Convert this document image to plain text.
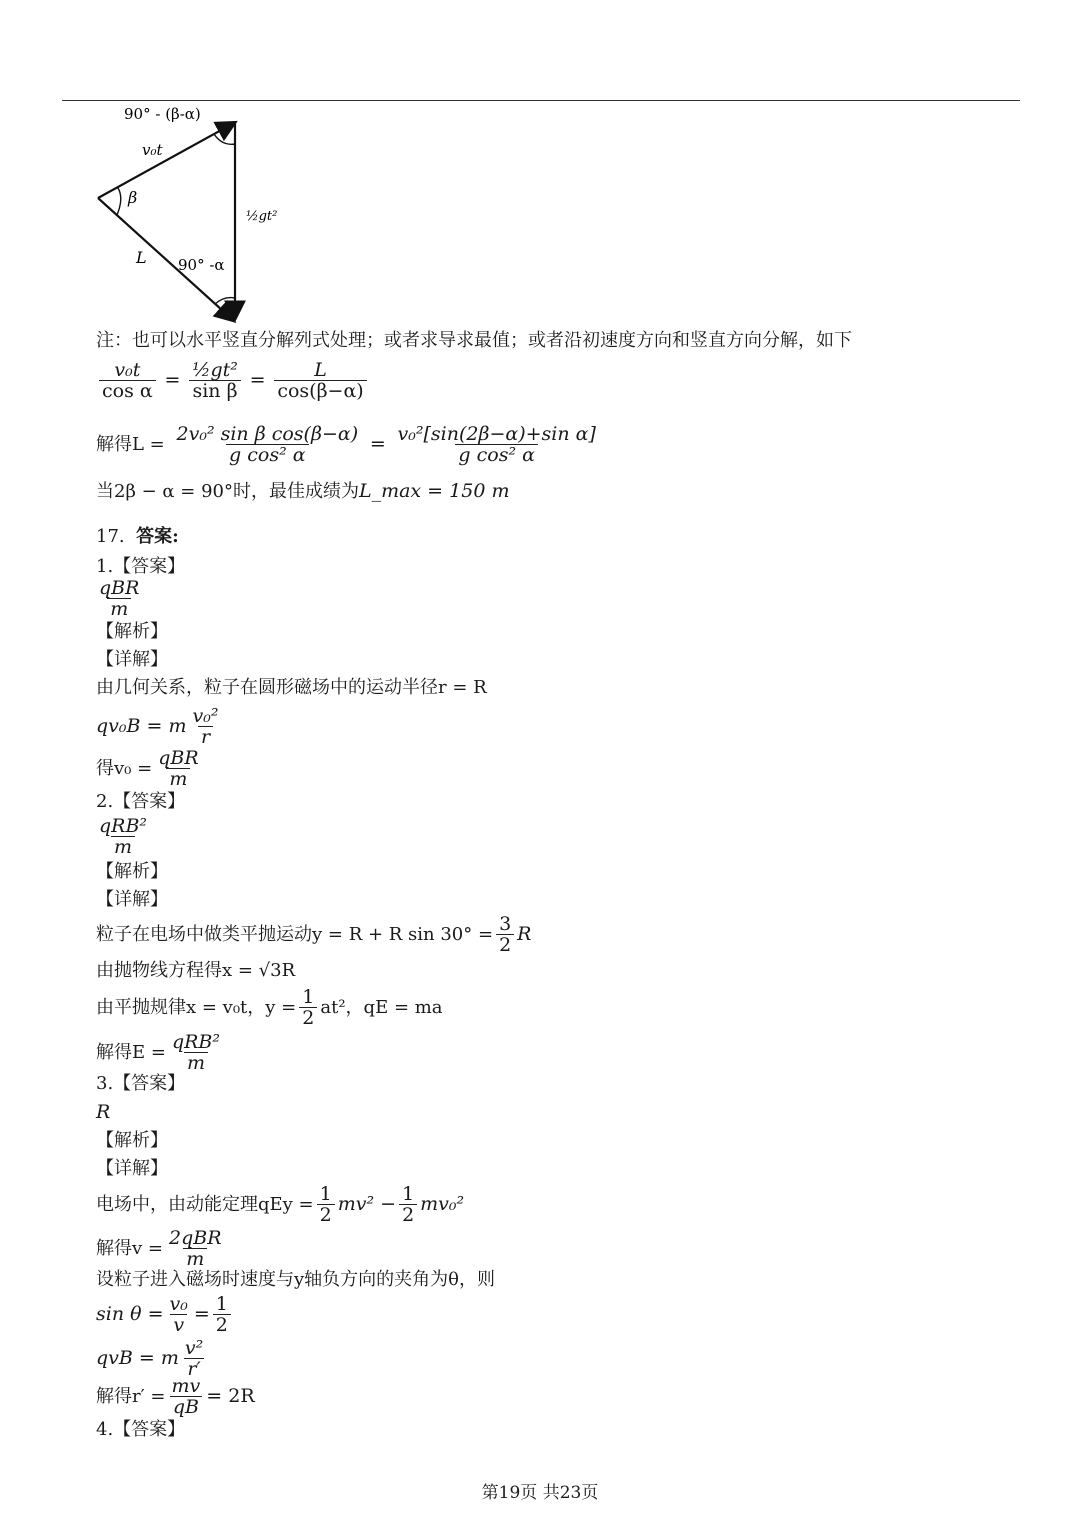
90° - (β-α)
v₀t
β
½gt²
L 90° -α
注：也可以水平竖直分解列式处理；或者求导求最值；或者沿初速度方向和竖直方向分解，如下
$\frac{\text{v₀t}}{\text{cos α}} = \frac{\text{½gt²}}{\text{sin β}} = \frac{L}{\cos(\beta-\alpha)}$
解得$L = \frac{\text{2v₀² sin β cos(β−α)}}{\text{g cos² α}} = \frac{\text{v₀²[sin(2β−α)+sin α]}}{\text{g cos² α}}$
当2β − α = 90°时，最佳成绩为L_max = 150 m
17. 答案:
1.【答案】
$\frac{\text{qBR}}{m}$
【解析】
【详解】
由几何关系，粒子在圆形磁场中的运动半径r = R
qv₀B = m $\frac{\text{v₀²}}{r}$
得$v_0 = \frac{\text{qBR}}{m}$
2.【答案】
$\frac{\text{qRB²}}{m}$
【解析】
【详解】
粒子在电场中做类平抛运动y = R + R $\sin 30^\circ = \frac{3}{2}$ R
由抛物线方程得x = √3R
由平抛规律x = v₀t，$y = \frac{1}{2} at^2$，qE = ma
解得$E = \frac{\text{qRB²}}{m}$
3.【答案】
R
【解析】
【详解】
电场中，由动能定理qEy = $\frac{1}{2} mv^2 - \frac{1}{2} mv_0^2$
解得$v = \frac{\text{2qBR}}{m}$
设粒子进入磁场时速度与y轴负方向的夹角为θ，则
$\sin \theta = \frac{\text{v₀}}{v} = \frac{1}{2}$
qvB = m $\frac{\text{v²}}{r'}$
解得$r' = \frac{mv}{qB} = 2R$
4.【答案】
第19页 共23页
